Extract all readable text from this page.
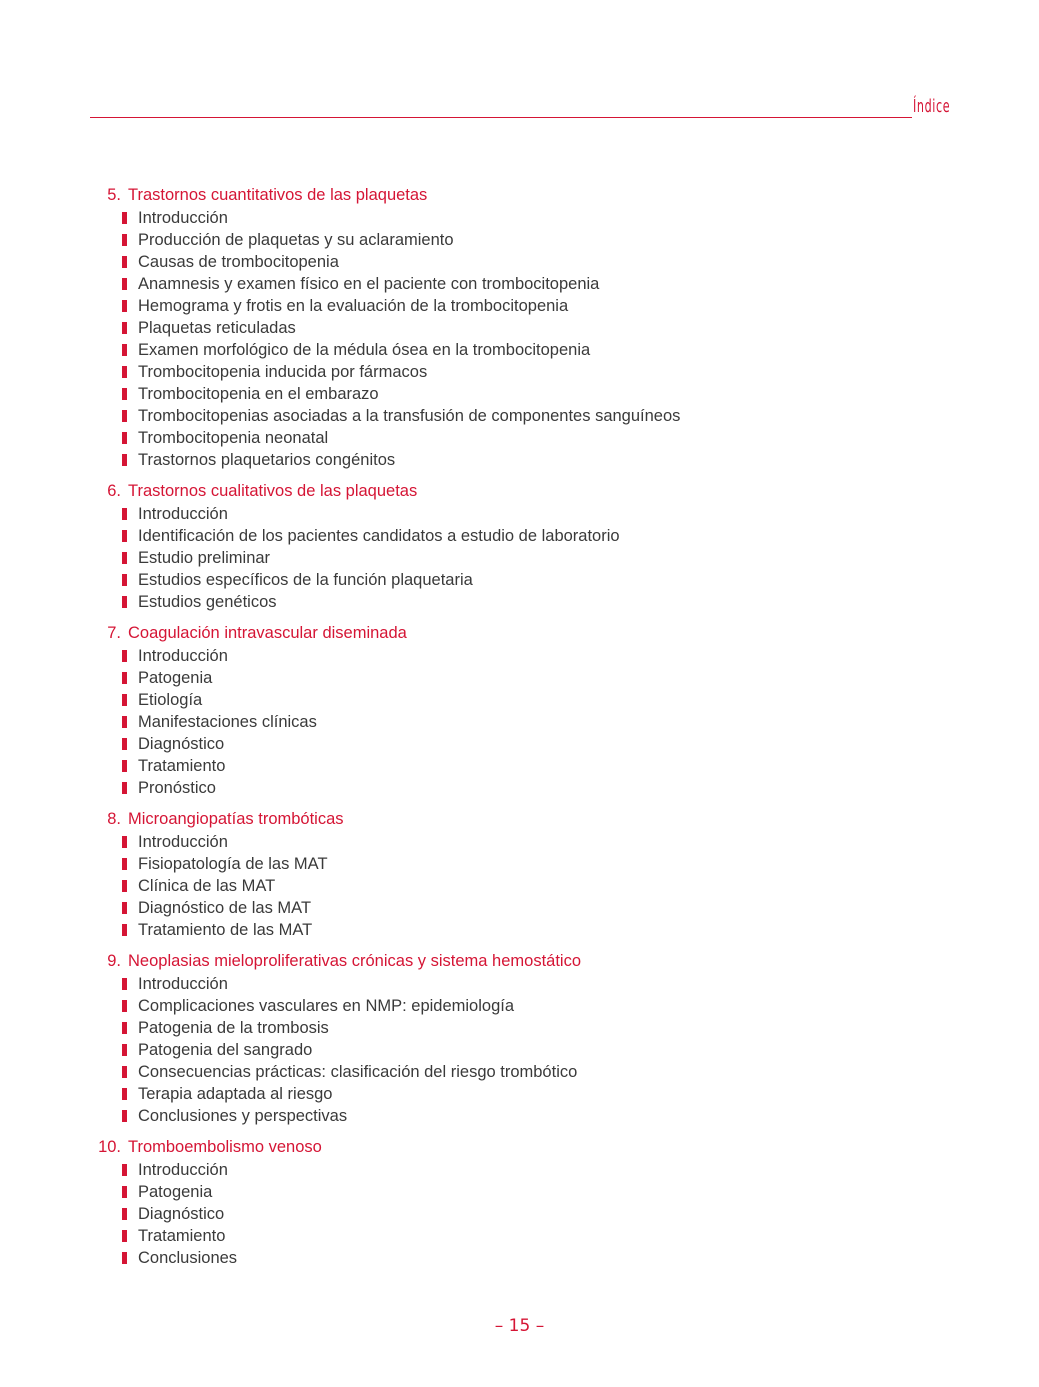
Índice
5. Trastornos cuantitativos de las plaquetas
Introducción
Producción de plaquetas y su aclaramiento
Causas de trombocitopenia
Anamnesis y examen físico en el paciente con trombocitopenia
Hemograma y frotis en la evaluación de la trombocitopenia
Plaquetas reticuladas
Examen morfológico de la médula ósea en la trombocitopenia
Trombocitopenia inducida por fármacos
Trombocitopenia en el embarazo
Trombocitopenias asociadas a la transfusión de componentes sanguíneos
Trombocitopenia neonatal
Trastornos plaquetarios congénitos
6. Trastornos cualitativos de las plaquetas
Introducción
Identificación de los pacientes candidatos a estudio de laboratorio
Estudio preliminar
Estudios específicos de la función plaquetaria
Estudios genéticos
7. Coagulación intravascular diseminada
Introducción
Patogenia
Etiología
Manifestaciones clínicas
Diagnóstico
Tratamiento
Pronóstico
8. Microangiopatías trombóticas
Introducción
Fisiopatología de las MAT
Clínica de las MAT
Diagnóstico de las MAT
Tratamiento de las MAT
9. Neoplasias mieloproliferativas crónicas y sistema hemostático
Introducción
Complicaciones vasculares en NMP: epidemiología
Patogenia de la trombosis
Patogenia del sangrado
Consecuencias prácticas: clasificación del riesgo trombótico
Terapia adaptada al riesgo
Conclusiones y perspectivas
10. Tromboembolismo venoso
Introducción
Patogenia
Diagnóstico
Tratamiento
Conclusiones
– 15 –
